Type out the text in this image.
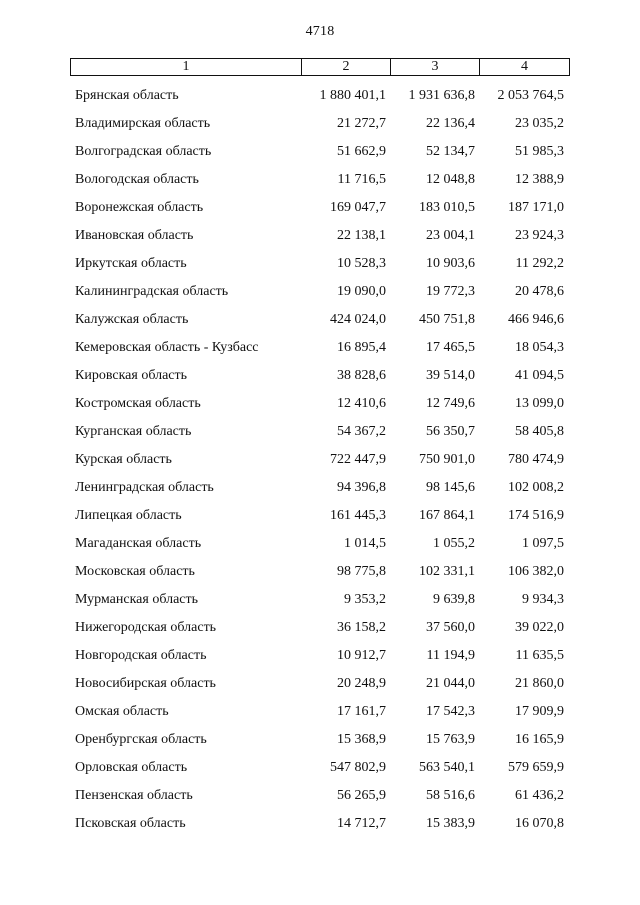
4718
1	2	3	4
Брянская область	1 880 401,1	1 931 636,8	2 053 764,5
Владимирская область	21 272,7	22 136,4	23 035,2
Волгоградская область	51 662,9	52 134,7	51 985,3
Вологодская область	11 716,5	12 048,8	12 388,9
Воронежская область	169 047,7	183 010,5	187 171,0
Ивановская область	22 138,1	23 004,1	23 924,3
Иркутская область	10 528,3	10 903,6	11 292,2
Калининградская область	19 090,0	19 772,3	20 478,6
Калужская область	424 024,0	450 751,8	466 946,6
Кемеровская область - Кузбасс	16 895,4	17 465,5	18 054,3
Кировская область	38 828,6	39 514,0	41 094,5
Костромская область	12 410,6	12 749,6	13 099,0
Курганская область	54 367,2	56 350,7	58 405,8
Курская область	722 447,9	750 901,0	780 474,9
Ленинградская область	94 396,8	98 145,6	102 008,2
Липецкая область	161 445,3	167 864,1	174 516,9
Магаданская область	1 014,5	1 055,2	1 097,5
Московская область	98 775,8	102 331,1	106 382,0
Мурманская область	9 353,2	9 639,8	9 934,3
Нижегородская область	36 158,2	37 560,0	39 022,0
Новгородская область	10 912,7	11 194,9	11 635,5
Новосибирская область	20 248,9	21 044,0	21 860,0
Омская область	17 161,7	17 542,3	17 909,9
Оренбургская область	15 368,9	15 763,9	16 165,9
Орловская область	547 802,9	563 540,1	579 659,9
Пензенская область	56 265,9	58 516,6	61 436,2
Псковская область	14 712,7	15 383,9	16 070,8
